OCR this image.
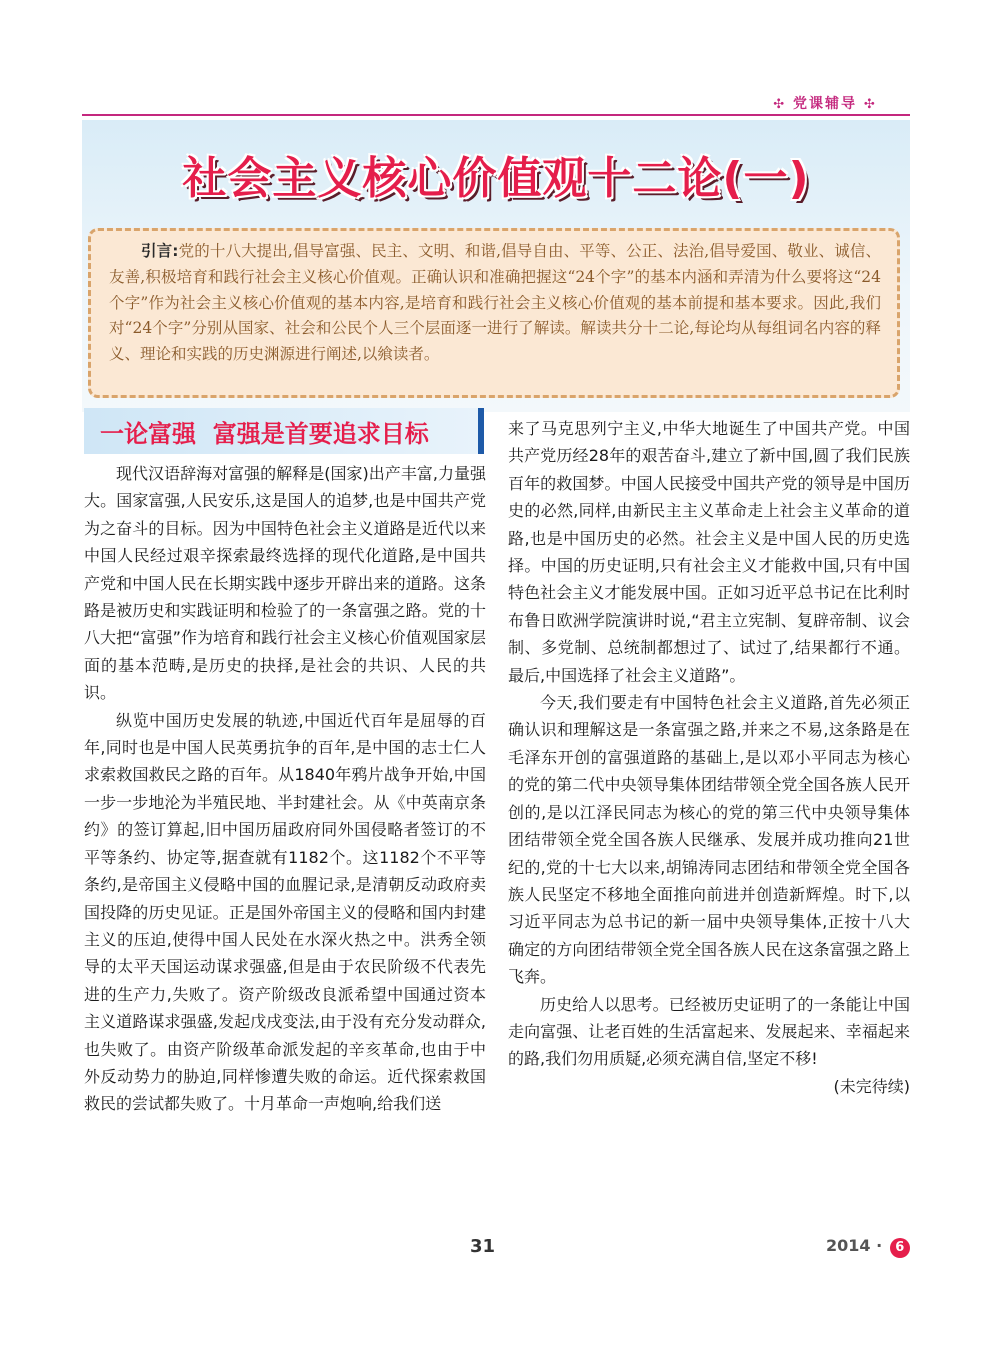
✣ 党课辅导 ✣
社会主义核心价值观十二论(一)
引言:党的十八大提出,倡导富强、民主、文明、和谐,倡导自由、平等、公正、法治,倡导爱国、敬业、诚信、友善,积极培育和践行社会主义核心价值观。正确认识和准确把握这“24个字”的基本内涵和弄清为什么要将这“24个字”作为社会主义核心价值观的基本内容,是培育和践行社会主义核心价值观的基本前提和基本要求。因此,我们对“24个字”分别从国家、社会和公民个人三个层面逐一进行了解读。解读共分十二论,每论均从每组词名内容的释义、理论和实践的历史渊源进行阐述,以飨读者。
一论富强  富强是首要追求目标

现代汉语辞海对富强的解释是(国家)出产丰富,力量强大。国家富强,人民安乐,这是国人的追梦,也是中国共产党为之奋斗的目标。因为中国特色社会主义道路是近代以来中国人民经过艰辛探索最终选择的现代化道路,是中国共产党和中国人民在长期实践中逐步开辟出来的道路。这条路是被历史和实践证明和检验了的一条富强之路。党的十八大把“富强”作为培育和践行社会主义核心价值观国家层面的基本范畴,是历史的抉择,是社会的共识、人民的共识。

纵览中国历史发展的轨迹,中国近代百年是屈辱的百年,同时也是中国人民英勇抗争的百年,是中国的志士仁人求索救国救民之路的百年。从1840年鸦片战争开始,中国一步一步地沦为半殖民地、半封建社会。从《中英南京条约》的签订算起,旧中国历届政府同外国侵略者签订的不平等条约、协定等,据查就有1182个。这1182个不平等条约,是帝国主义侵略中国的血腥记录,是清朝反动政府卖国投降的历史见证。正是国外帝国主义的侵略和国内封建主义的压迫,使得中国人民处在水深火热之中。洪秀全领导的太平天国运动谋求强盛,但是由于农民阶级不代表先进的生产力,失败了。资产阶级改良派希望中国通过资本主义道路谋求强盛,发起戊戌变法,由于没有充分发动群众,也失败了。由资产阶级革命派发起的辛亥革命,也由于中外反动势力的胁迫,同样惨遭失败的命运。近代探索救国救民的尝试都失败了。十月革命一声炮响,给我们送

来了马克思列宁主义,中华大地诞生了中国共产党。中国共产党历经28年的艰苦奋斗,建立了新中国,圆了我们民族百年的救国梦。中国人民接受中国共产党的领导是中国历史的必然,同样,由新民主主义革命走上社会主义革命的道路,也是中国历史的必然。社会主义是中国人民的历史选择。中国的历史证明,只有社会主义才能救中国,只有中国特色社会主义才能发展中国。正如习近平总书记在比利时布鲁日欧洲学院演讲时说,“君主立宪制、复辟帝制、议会制、多党制、总统制都想过了、试过了,结果都行不通。最后,中国选择了社会主义道路”。

今天,我们要走有中国特色社会主义道路,首先必须正确认识和理解这是一条富强之路,并来之不易,这条路是在毛泽东开创的富强道路的基础上,是以邓小平同志为核心的党的第二代中央领导集体团结带领全党全国各族人民开创的,是以江泽民同志为核心的党的第三代中央领导集体团结带领全党全国各族人民继承、发展并成功推向21世纪的,党的十七大以来,胡锦涛同志团结和带领全党全国各族人民坚定不移地全面推向前进并创造新辉煌。时下,以习近平同志为总书记的新一届中央领导集体,正按十八大确定的方向团结带领全党全国各族人民在这条富强之路上飞奔。

历史给人以思考。已经被历史证明了的一条能让中国走向富强、让老百姓的生活富起来、发展起来、幸福起来的路,我们勿用质疑,必须充满自信,坚定不移!
(未完待续)

31	2014 · 6
